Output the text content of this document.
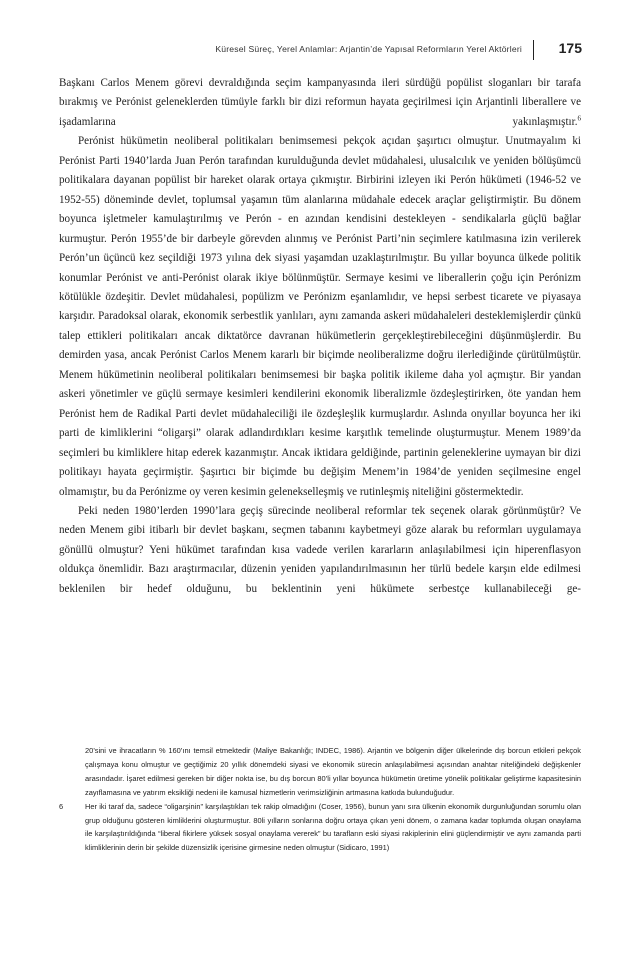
Küresel Süreç, Yerel Anlamlar: Arjantin’de Yapısal Reformların Yerel Aktörleri	175

Başkanı Carlos Menem görevi devraldığında seçim kampanyasında ileri sürdüğü popülist sloganları bir tarafa bırakmış ve Perónist geleneklerden tümüyle farklı bir dizi reformun hayata geçirilmesi için Arjantinli liberallere ve işadamlarına yakınlaşmıştır.$^6$

Perónist hükümetin neoliberal politikaları benimsemesi pekçok açıdan şaşırtıcı olmuştur. Unutmayalım ki Perónist Parti 1940’larda Juan Perón tarafından kurulduğunda devlet müdahalesi, ulusalcılık ve yeniden bölüşümcü politikalara dayanan popülist bir hareket olarak ortaya çıkmıştır. Birbirini izleyen iki Perón hükümeti (1946-52 ve 1952-55) döneminde devlet, toplumsal yaşamın tüm alanlarına müdahale edecek araçlar geliştirmiştir. Bu dönem boyunca işletmeler kamulaştırılmış ve Perón - en azından kendisini destekleyen - sendikalarla güçlü bağlar kurmuştur. Perón 1955’de bir darbeyle görevden alınmış ve Perónist Parti’nin seçimlere katılmasına izin verilerek Perón’un üçüncü kez seçildiği 1973 yılına dek siyasi yaşamdan uzaklaştırılmıştır. Bu yıllar boyunca ülkede politik konumlar Perónist ve anti-Perónist olarak ikiye bölünmüştür. Sermaye kesimi ve liberallerin çoğu için Perónizm kötülükle özdeşitir. Devlet müdahalesi, popülizm ve Perónizm eşanlamlıdır, ve hepsi serbest ticarete ve piyasaya karşıdır. Paradoksal olarak, ekonomik serbestlik yanlıları, aynı zamanda askeri müdahaleleri desteklemişlerdir çünkü talep ettikleri politikaları ancak diktatörce davranan hükümetlerin gerçekleştirebileceğini düşünmüşlerdir. Bu demirden yasa, ancak Perónist Carlos Menem kararlı bir biçimde neoliberalizme doğru ilerlediğinde çürütülmüştür. Menem hükümetinin neoliberal politikaları benimsemesi bir başka politik ikileme daha yol açmıştır. Bir yandan askeri yönetimler ve güçlü sermaye kesimleri kendilerini ekonomik liberalizmle özdeşleştirirken, öte yandan hem Perónist hem de Radikal Parti devlet müdahaleciliği ile özdeşleşlik kurmuşlardır. Aslında onyıllar boyunca her iki parti de kimliklerini “oligarşi” olarak adlandırdıkları kesime karşıtlık temelinde oluşturmuştur. Menem 1989’da seçimleri bu kimliklere hitap ederek kazanmıştır. Ancak iktidara geldiğinde, partinin geleneklerine uymayan bir dizi politikayı hayata geçirmiştir. Şaşırtıcı bir biçimde bu değişim Menem’in 1984’de yeniden seçilmesine engel olmamıştır, bu da Perónizme oy veren kesimin gelenekselleşmiş ve rutinleşmiş niteliğini göstermektedir.

Peki neden 1980’lerden 1990’lara geçiş sürecinde neoliberal reformlar tek seçenek olarak görünmüştür? Ve neden Menem gibi itibarlı bir devlet başkanı, seçmen tabanını kaybetmeyi göze alarak bu reformları uygulamaya gönüllü olmuştur? Yeni hükümet tarafından kısa vadede verilen kararların anlaşılabilmesi için hiperenflasyon oldukça önemlidir. Bazı araştırmacılar, düzenin yeniden yapılandırılmasının her türlü bedele karşın elde edilmesi beklenilen bir hedef olduğunu, bu beklentinin yeni hükümete serbestçe kullanabileceği ge-

20’sini ve ihracatların % 160’ını temsil etmektedir (Maliye Bakanlığı; INDEC, 1986). Arjantin ve bölgenin diğer ülkelerinde dış borcun etkileri pekçok çalışmaya konu olmuştur ve geçtiğimiz 20 yıllık dönemdeki siyasi ve ekonomik sürecin anlaşılabilmesi açısından anahtar niteliğindeki değişkenler arasındadır. İşaret edilmesi gereken bir diğer nokta ise, bu dış borcun 80’li yıllar boyunca hükümetin üretime yönelik politikalar geliştirme kapasitesinin zayıflamasına ve yatırım eksikliği nedeni ile kamusal hizmetlerin verimsizliğinin artmasına katkıda bulunduğudur.
6	Her iki taraf da, sadece “oligarşinin” karşılaştıkları tek rakip olmadığını (Coser, 1956), bunun yanı sıra ülkenin ekonomik durgunluğundan sorumlu olan grup olduğunu gösteren kimliklerini oluşturmuştur. 80li yılların sonlarına doğru ortaya çıkan yeni dönem, o zamana kadar toplumda oluşan onaylama ile karşılaştırıldığında “liberal fikirlere yüksek sosyal onaylama vererek” bu tarafların eski siyasi rakiplerinin elini güçlendirmiştir ve aynı zamanda parti klimliklerinin derin bir şekilde düzensizlik içerisine girmesine neden olmuştur (Sidicaro, 1991)
